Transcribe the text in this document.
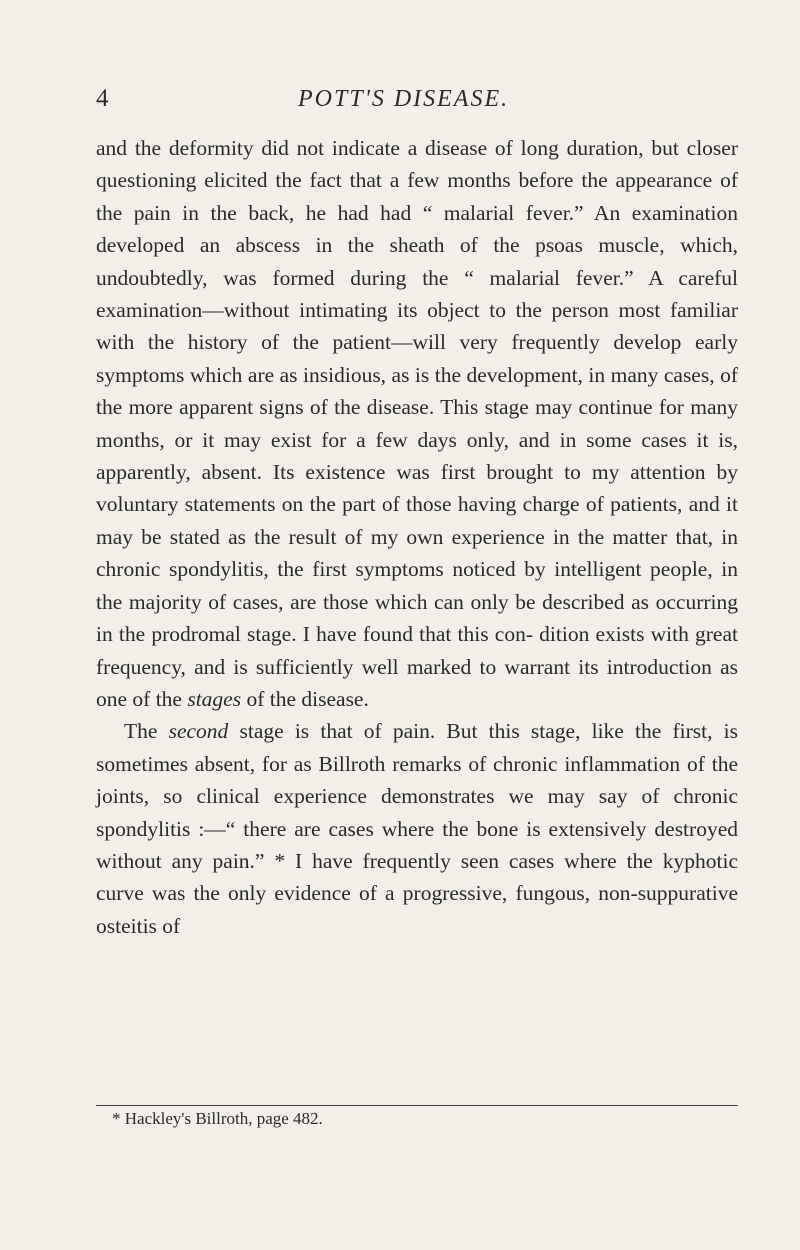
4	POTT'S DISEASE.

and the deformity did not indicate a disease of long duration, but closer questioning elicited the fact that a few months before the appearance of the pain in the back, he had had “ malarial fever.” An examination developed an abscess in the sheath of the psoas muscle, which, undoubtedly, was formed during the “ malarial fever.” A careful examination—without intimating its object to the person most familiar with the history of the patient—will very frequently develop early symptoms which are as insidious, as is the development, in many cases, of the more apparent signs of the disease. This stage may continue for many months, or it may exist for a few days only, and in some cases it is, apparently, absent. Its existence was first brought to my attention by voluntary statements on the part of those having charge of patients, and it may be stated as the result of my own experience in the matter that, in chronic spondylitis, the first symptoms noticed by intelligent people, in the majority of cases, are those which can only be described as occurring in the prodromal stage. I have found that this con- dition exists with great frequency, and is sufficiently well marked to warrant its introduction as one of the stages of the disease.

The second stage is that of pain. But this stage, like the first, is sometimes absent, for as Billroth remarks of chronic inflammation of the joints, so clinical experience demonstrates we may say of chronic spondylitis :—“ there are cases where the bone is extensively destroyed without any pain.” * I have frequently seen cases where the kyphotic curve was the only evidence of a progressive, fungous, non-suppurative osteitis of

* Hackley's Billroth, page 482.
